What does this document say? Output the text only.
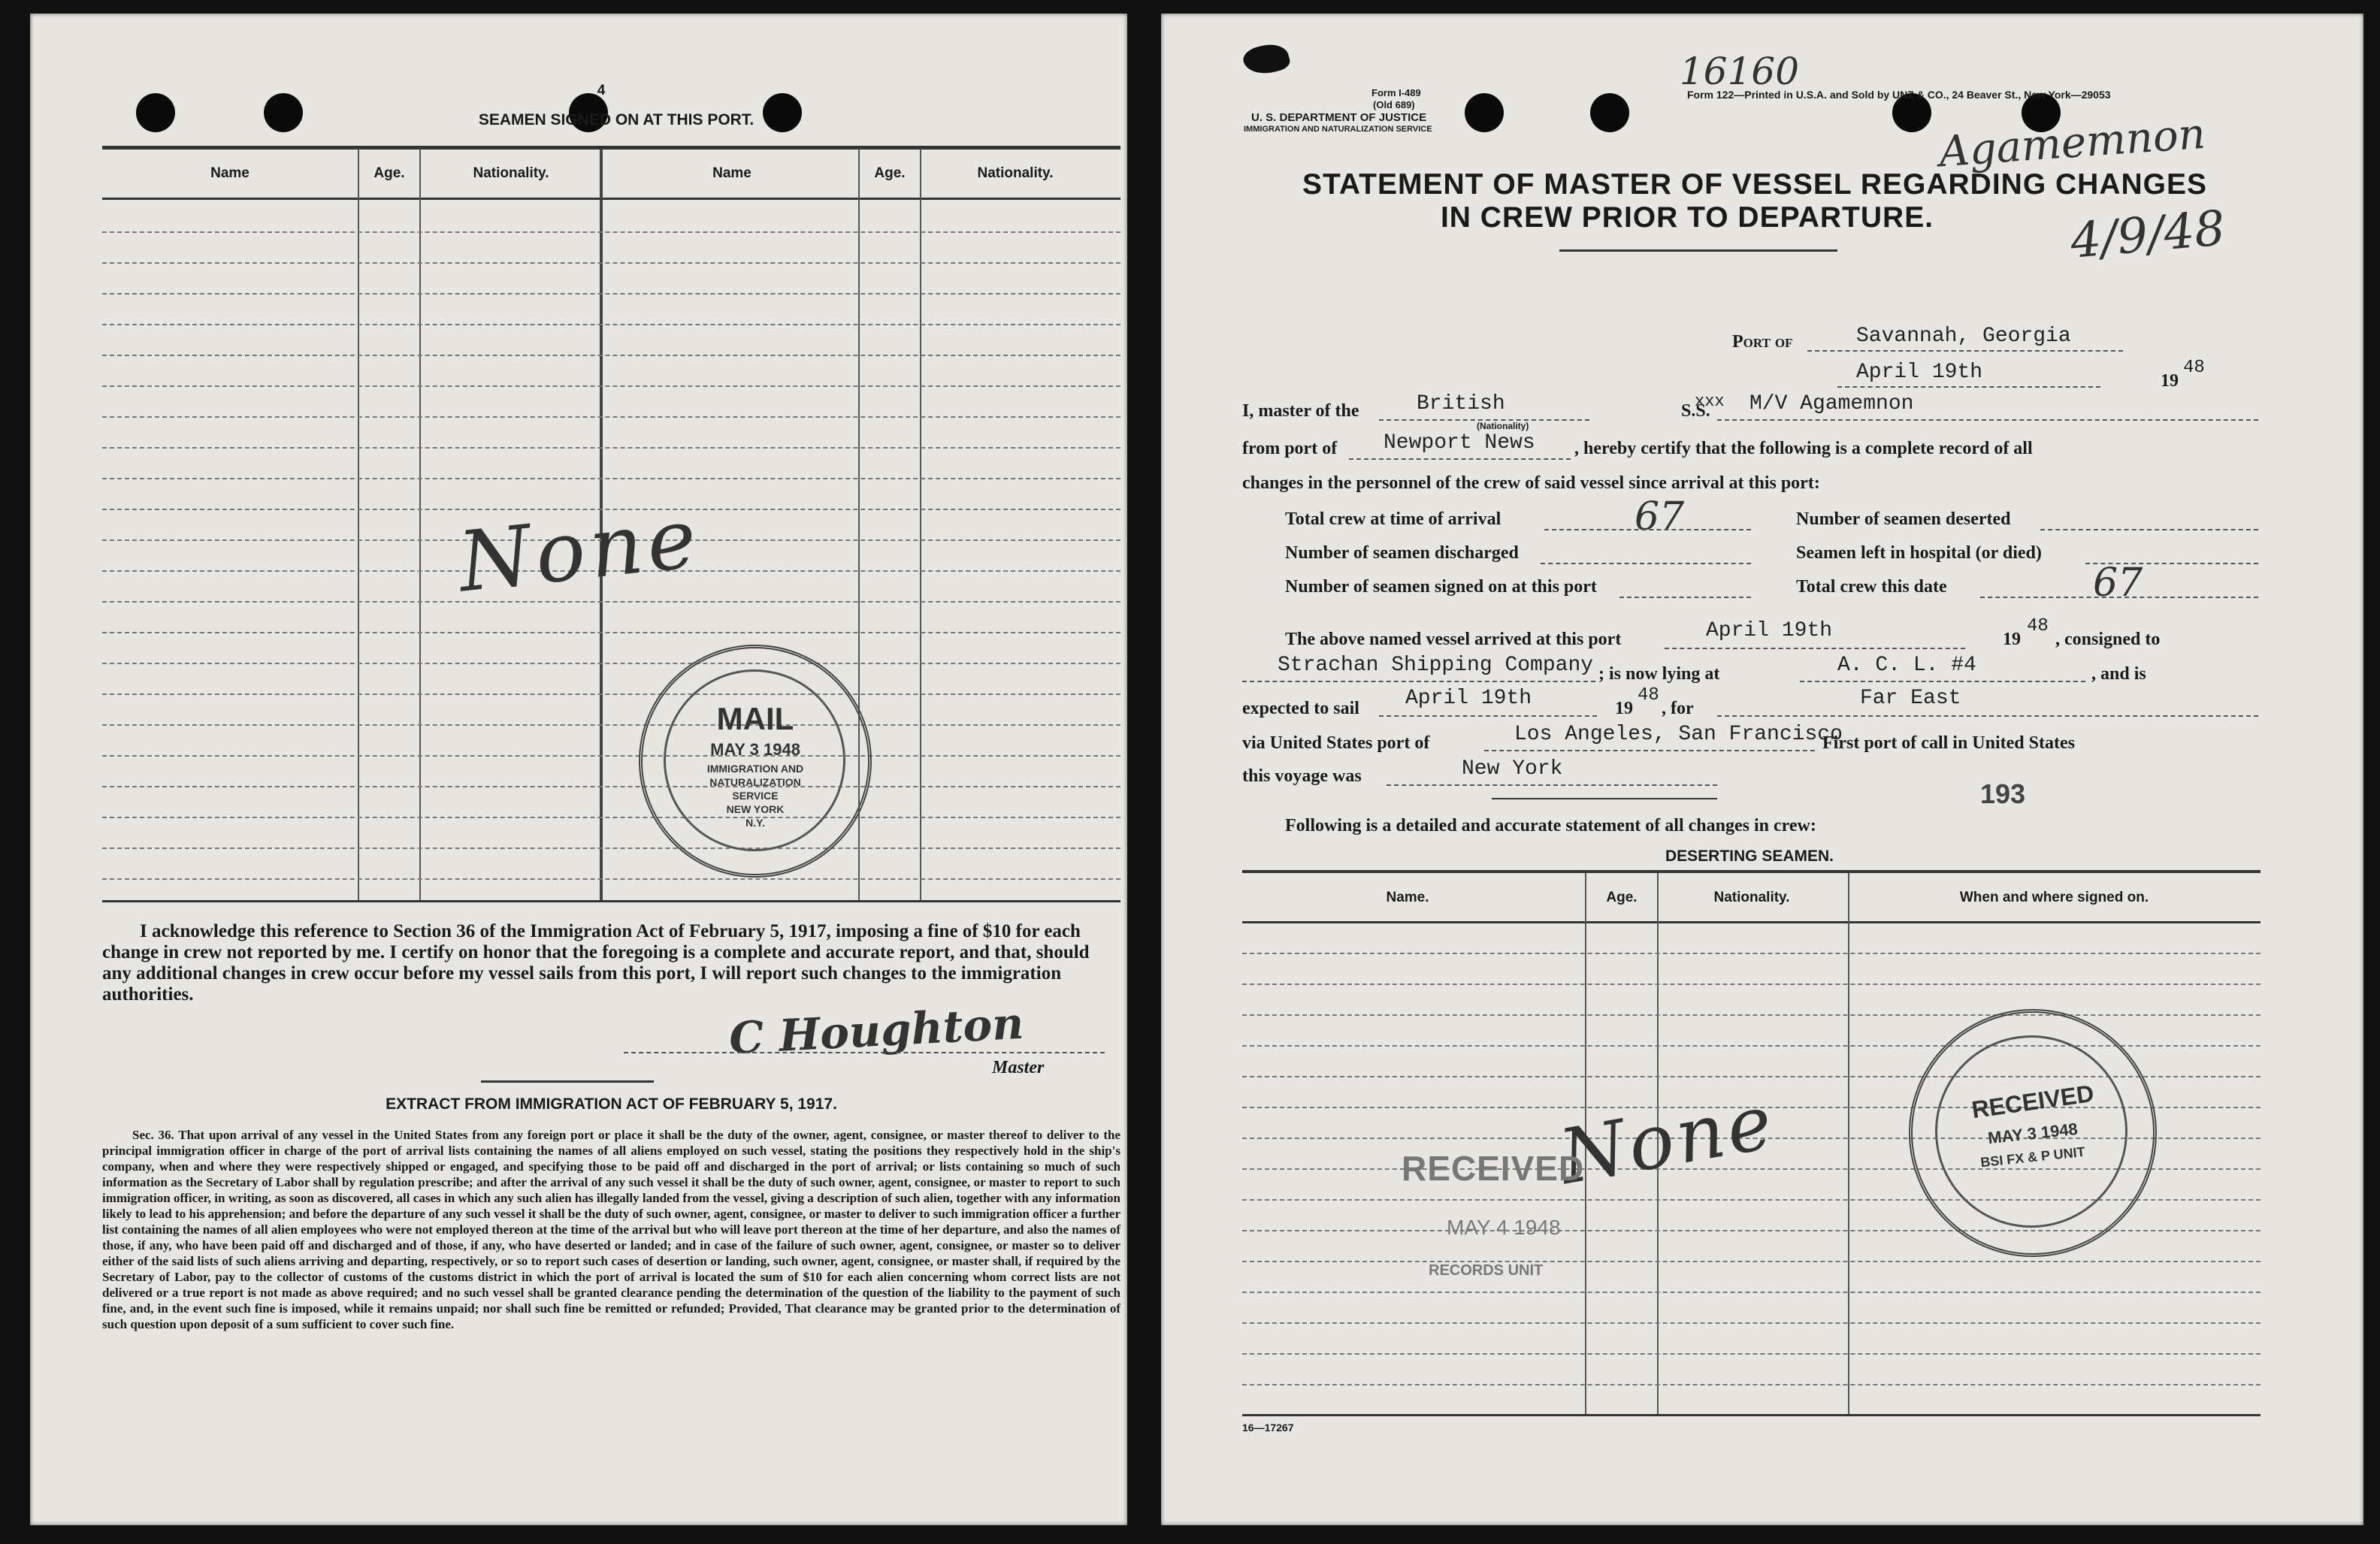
4
SEAMEN SIGNED ON AT THIS PORT.
Name	Age.	Nationality.	Name	Age.	Nationality.
None
MAIL
MAY 3 1948
IMMIGRATION AND
NATURALIZATION
SERVICE
NEW YORK
N.Y.
I acknowledge this reference to Section 36 of the Immigration Act of February 5, 1917, imposing a fine of $10 for each change in crew not reported by me. I certify on honor that the foregoing is a complete and accurate report, and that, should any additional changes in crew occur before my vessel sails from this port, I will report such changes to the immigration authorities.
C Houghton
Master
EXTRACT FROM IMMIGRATION ACT OF FEBRUARY 5, 1917.
Sec. 36. That upon arrival of any vessel in the United States from any foreign port or place it shall be the duty of the owner, agent, consignee, or master thereof to deliver to the principal immigration officer in charge of the port of arrival lists containing the names of all aliens employed on such vessel, stating the positions they respectively hold in the ship's company, when and where they were respectively shipped or engaged, and specifying those to be paid off and discharged in the port of arrival; or lists containing so much of such information as the Secretary of Labor shall by regulation prescribe; and after the arrival of any such vessel it shall be the duty of such owner, agent, consignee, or master to report to such immigration officer, in writing, as soon as discovered, all cases in which any such alien has illegally landed from the vessel, giving a description of such alien, together with any information likely to lead to his apprehension; and before the departure of any such vessel it shall be the duty of such owner, agent, consignee, or master to deliver to such immigration officer a further list containing the names of all alien employees who were not employed thereon at the time of the arrival but who will leave port thereon at the time of her departure, and also the names of those, if any, who have been paid off and discharged and of those, if any, who have deserted or landed; and in case of the failure of such owner, agent, consignee, or master so to deliver either of the said lists of such aliens arriving and departing, respectively, or so to report such cases of desertion or landing, such owner, agent, consignee, or master shall, if required by the Secretary of Labor, pay to the collector of customs of the customs district in which the port of arrival is located the sum of $10 for each alien concerning whom correct lists are not delivered or a true report is not made as above required; and no such vessel shall be granted clearance pending the determination of the question of the liability to the payment of such fine, and, in the event such fine is imposed, while it remains unpaid; nor shall such fine be remitted or refunded; Provided, That clearance may be granted prior to the determination of such question upon deposit of a sum sufficient to cover such fine.
16160
Form I-489
(Old 689)
U. S. DEPARTMENT OF JUSTICE
IMMIGRATION AND NATURALIZATION SERVICE
Form 122—Printed in U.S.A. and Sold by UNZ & CO., 24 Beaver St., New York—29053
Agamemnon
4/9/48
STATEMENT OF MASTER OF VESSEL REGARDING CHANGES
IN CREW PRIOR TO DEPARTURE.
Port of	Savannah, Georgia
April 19th	19
48
I, master of the	British
(Nationality)
S.S.
xxx M/V Agamemnon
from port of Newport News , hereby certify that the following is a complete record of all
changes in the personnel of the crew of said vessel since arrival at this port:
Total crew at time of arrival	67	Number of seamen deserted
Number of seamen discharged	Seamen left in hospital (or died)
Number of seamen signed on at this port	Total crew this date	67
The above named vessel arrived at this port	April 19th	19
48
, consigned to
Strachan Shipping Company ; is now lying at	A. C. L. #4	, and is
expected to sail April 19th	19
48
, for	Far East
via United States port of	Los Angeles, San Francisco
First port of call in United States
this voyage was	New York
193
Following is a detailed and accurate statement of all changes in crew:
DESERTING SEAMEN.
Name.	Age.	Nationality.	When and where signed on.
None
RECEIVED
MAY 4 1948
RECORDS UNIT
RECEIVED
MAY 3 1948
BSI FX & P UNIT
16—17267
